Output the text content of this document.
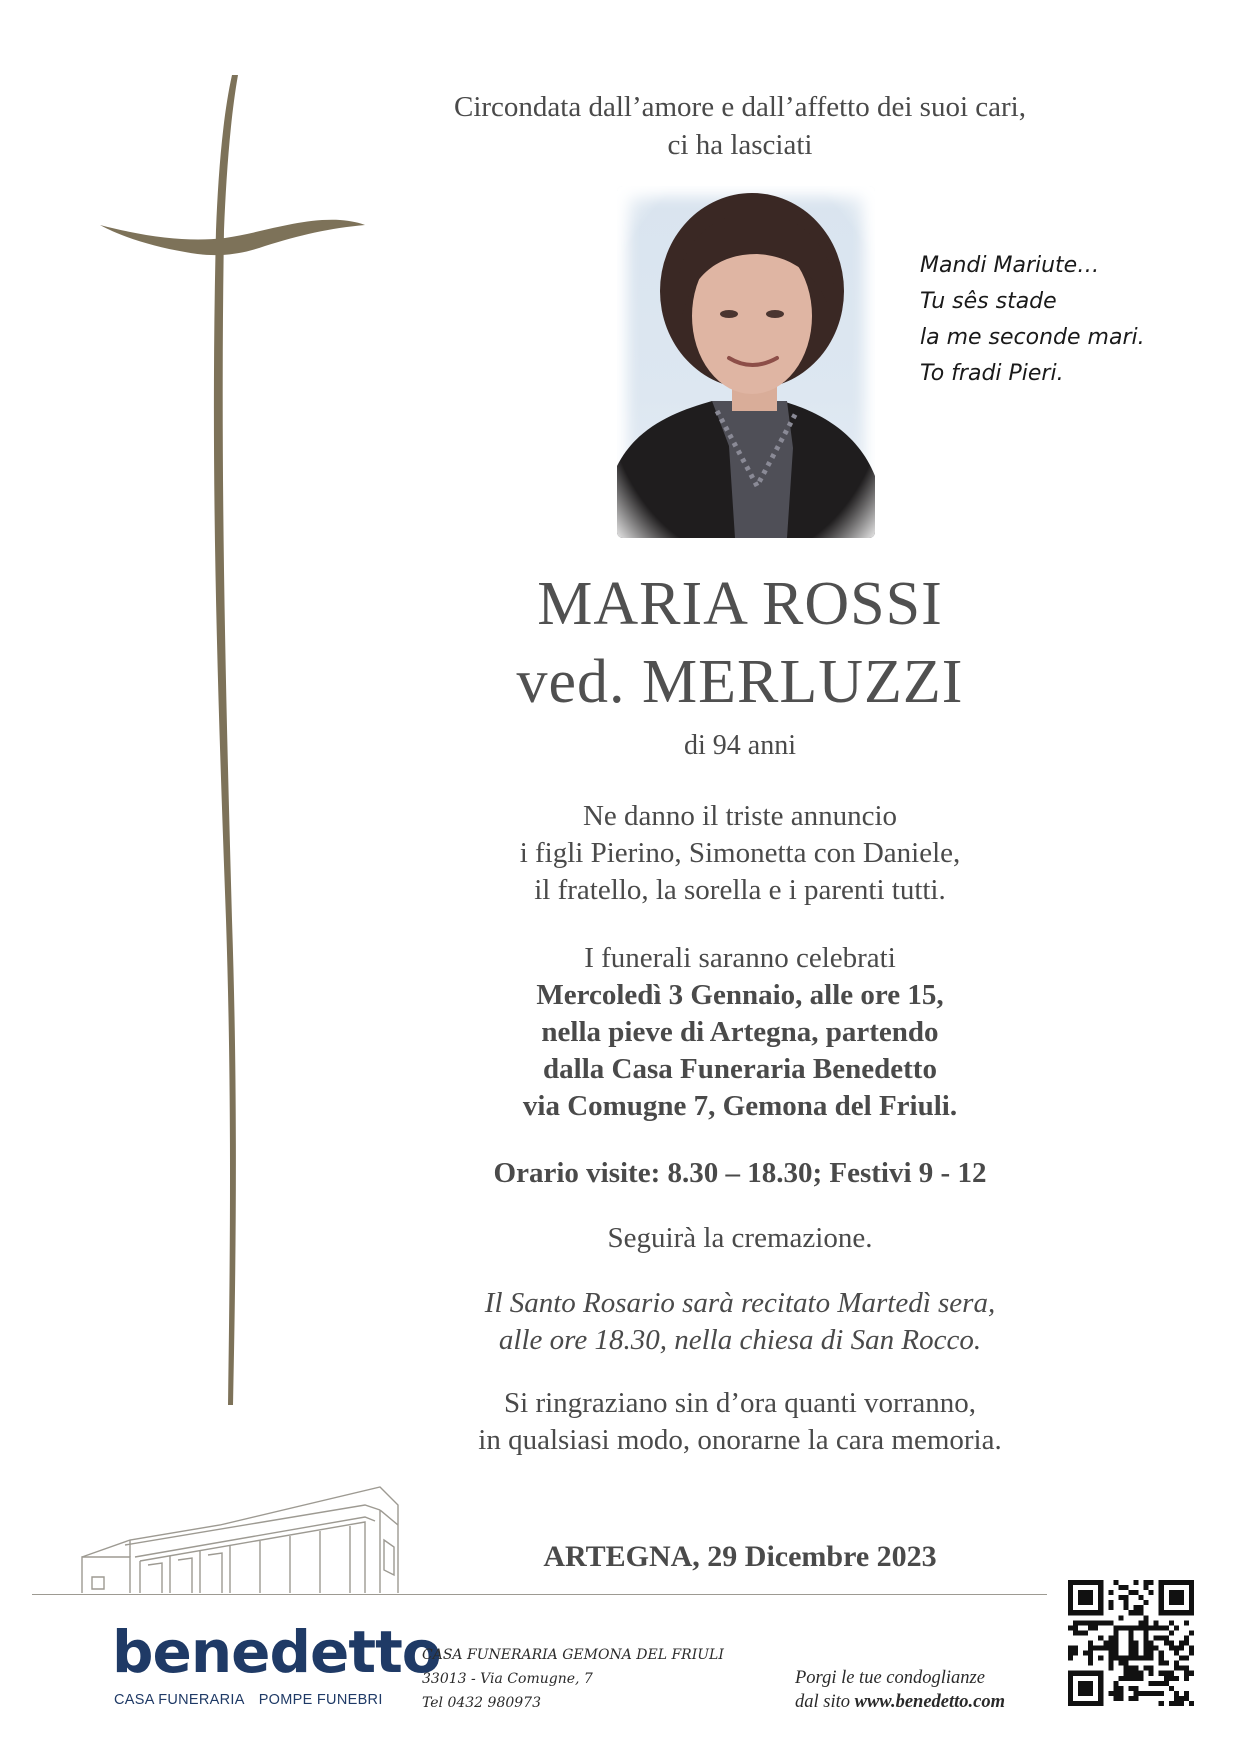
Circondata dall’amore e dall’affetto dei suoi cari,
ci ha lasciati
Mandi Mariute…
Tu sês stade
la me seconde mari.
To fradi Pieri.
MARIA ROSSI
ved. MERLUZZI
di 94 anni
Ne danno il triste annuncio
i figli Pierino, Simonetta con Daniele,
il fratello, la sorella e i parenti tutti.
I funerali saranno celebrati
Mercoledì 3 Gennaio, alle ore 15,
nella pieve di Artegna, partendo
dalla Casa Funeraria Benedetto
via Comugne 7, Gemona del Friuli.
Orario visite: 8.30 – 18.30; Festivi 9 - 12
Seguirà la cremazione.
Il Santo Rosario sarà recitato Martedì sera,
alle ore 18.30, nella chiesa di San Rocco.
Si ringraziano sin d’ora quanti vorranno,
in qualsiasi modo, onorarne la cara memoria.
ARTEGNA, 29 Dicembre 2023
benedetto
CASA FUNERARIA POMPE FUNEBRI
CASA FUNERARIA GEMONA DEL FRIULI
33013 - Via Comugne, 7
Tel 0432 980973
Porgi le tue condoglianze
dal sito www.benedetto.com
